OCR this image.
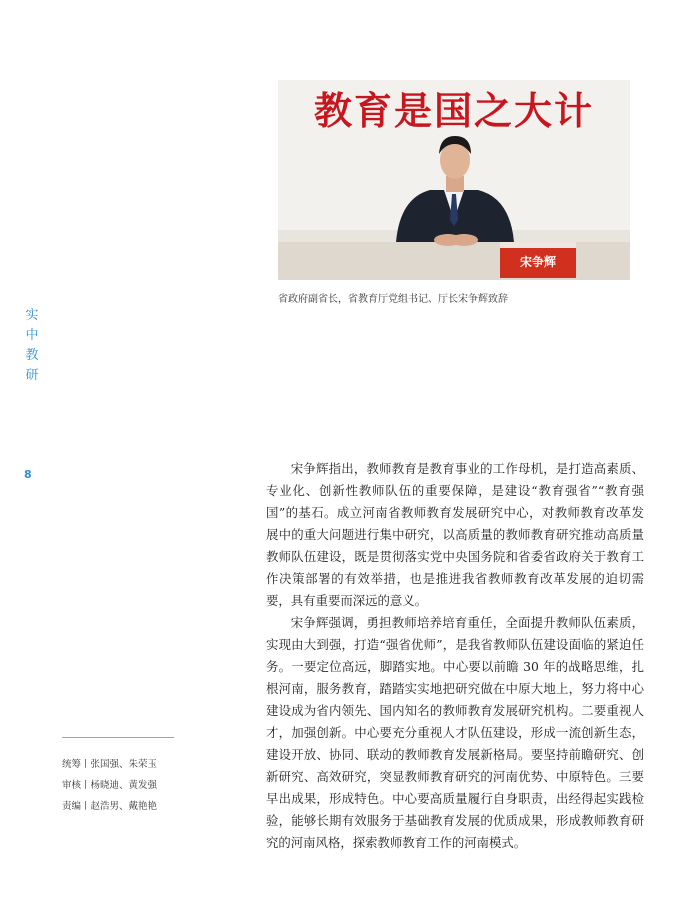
实
中
教
研
8
教育是国之大计
宋争辉
省政府副省长，省教育厅党组书记、厅长宋争辉致辞

宋争辉指出，教师教育是教育事业的工作母机，是打造高素质、专业化、创新性教师队伍的重要保障，是建设“教育强省”“教育强国”的基石。成立河南省教师教育发展研究中心，对教师教育改革发展中的重大问题进行集中研究，以高质量的教师教育研究推动高质量教师队伍建设，既是贯彻落实党中央国务院和省委省政府关于教育工作决策部署的有效举措，也是推进我省教师教育改革发展的迫切需要，具有重要而深远的意义。

宋争辉强调，勇担教师培养培育重任，全面提升教师队伍素质，实现由大到强，打造“强省优师”，是我省教师队伍建设面临的紧迫任务。一要定位高远，脚踏实地。中心要以前瞻 30 年的战略思维，扎根河南，服务教育，踏踏实实地把研究做在中原大地上，努力将中心建设成为省内领先、国内知名的教师教育发展研究机构。二要重视人才，加强创新。中心要充分重视人才队伍建设，形成一流创新生态，建设开放、协同、联动的教师教育发展新格局。要坚持前瞻研究、创新研究、高效研究，突显教师教育研究的河南优势、中原特色。三要早出成果，形成特色。中心要高质量履行自身职责，出经得起实践检验，能够长期有效服务于基础教育发展的优质成果，形成教师教育研究的河南风格，探索教师教育工作的河南模式。

统筹丨张国强、朱荣玉
审核丨杨晓迪、黄发强
责编丨赵浩男、戴艳艳
